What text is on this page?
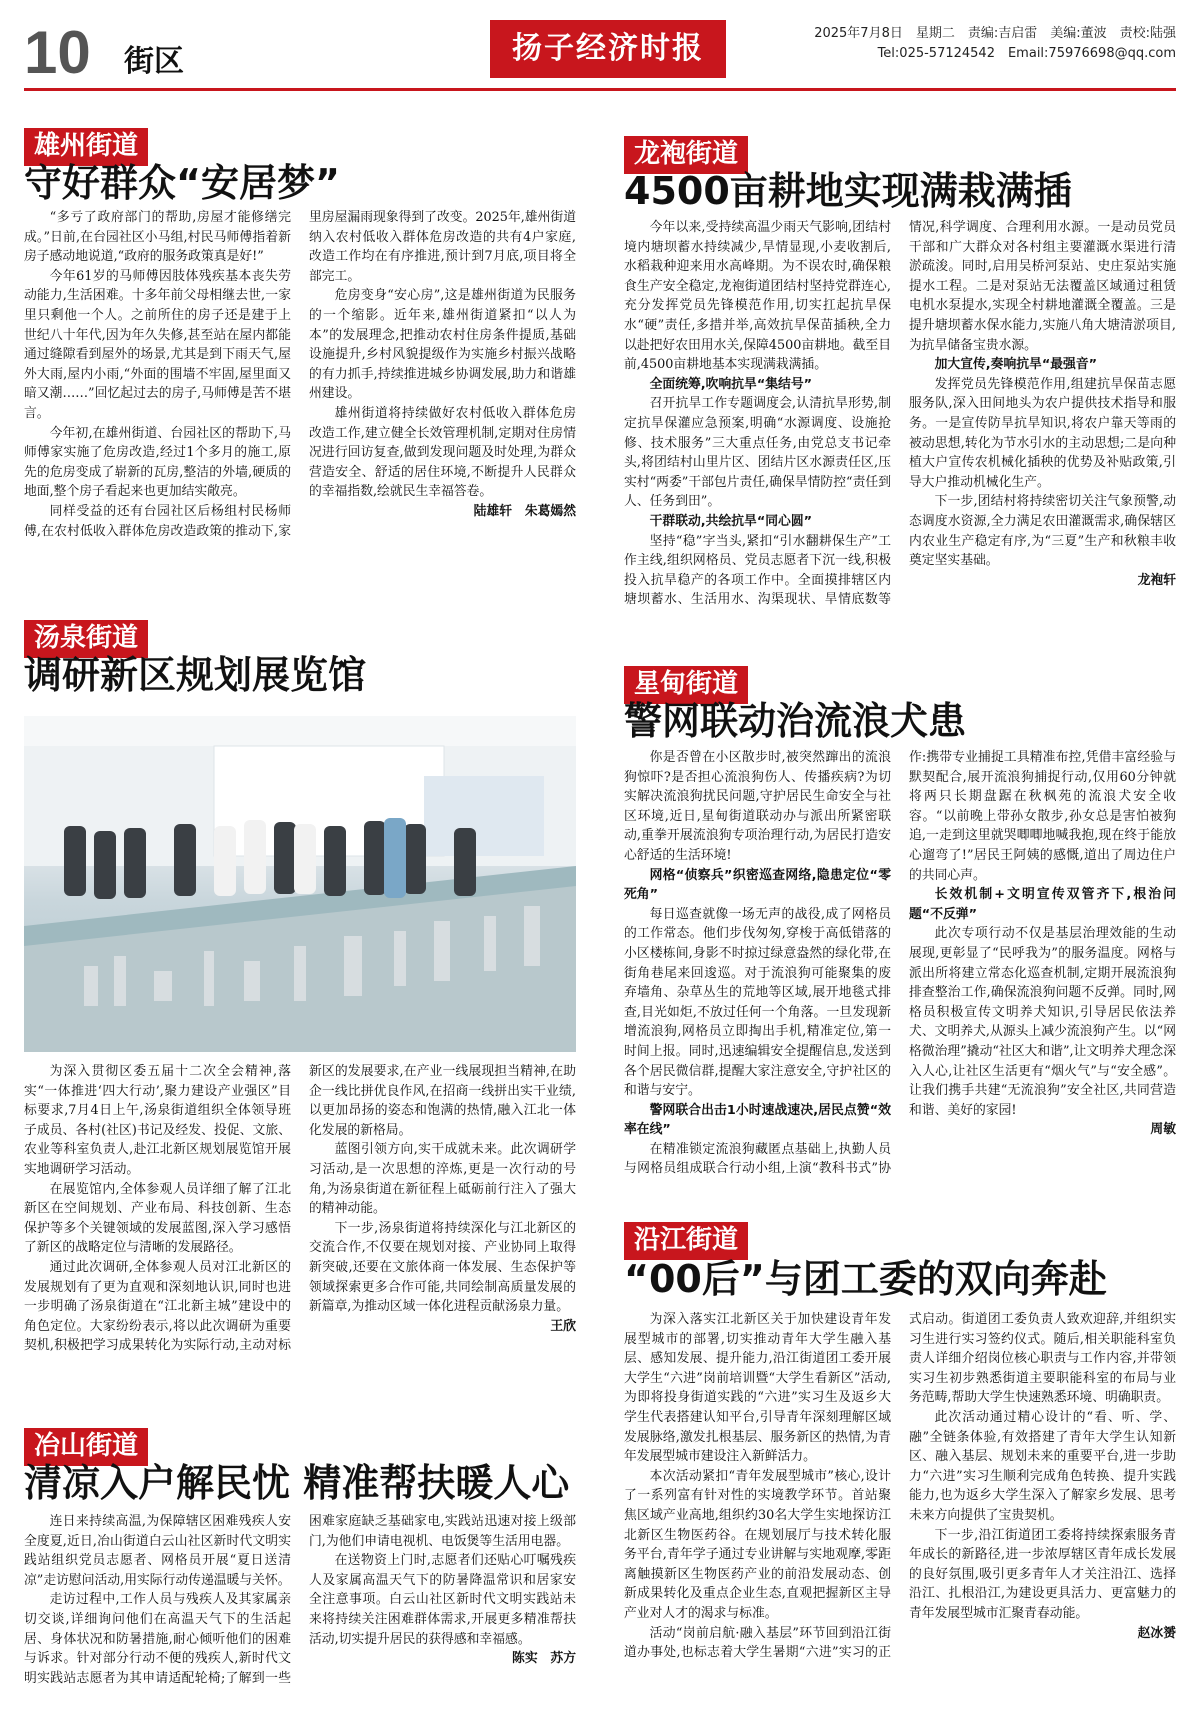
10 街区	扬子经济时报	2025年7月8日　星期二　责编:吉启雷　美编:董波　责校:陆强
Tel:025-57124542　Email:75976698@qq.com
雄州街道
守好群众“安居梦”

“多亏了政府部门的帮助,房屋才能修缮完成。”日前,在台园社区小马组,村民马师傅指着新房子感动地说道,“政府的服务政策真是好!”

今年61岁的马师傅因肢体残疾基本丧失劳动能力,生活困难。十多年前父母相继去世,一家里只剩他一个人。之前所住的房子还是建于上世纪八十年代,因为年久失修,甚至站在屋内都能通过缝隙看到屋外的场景,尤其是到下雨天气,屋外大雨,屋内小雨,“外面的围墙不牢固,屋里面又暗又潮……”回忆起过去的房子,马师傅是苦不堪言。

今年初,在雄州街道、台园社区的帮助下,马师傅家实施了危房改造,经过1个多月的施工,原先的危房变成了崭新的瓦房,整洁的外墙,硬质的地面,整个房子看起来也更加结实敞亮。

同样受益的还有台园社区后杨组村民杨师傅,在农村低收入群体危房改造政策的推动下,家里房屋漏雨现象得到了改变。2025年,雄州街道纳入农村低收入群体危房改造的共有4户家庭,改造工作均在有序推进,预计到7月底,项目将全部完工。

危房变身“安心房”,这是雄州街道为民服务的一个缩影。近年来,雄州街道紧扣“以人为本”的发展理念,把推动农村住房条件提质,基础设施提升,乡村风貌提级作为实施乡村振兴战略的有力抓手,持续推进城乡协调发展,助力和谐雄州建设。

雄州街道将持续做好农村低收入群体危房改造工作,建立健全长效管理机制,定期对住房情况进行回访复查,做到发现问题及时处理,为群众营造安全、舒适的居住环境,不断提升人民群众的幸福指数,绘就民生幸福答卷。

陆雄轩　朱葛嫣然

汤泉街道
调研新区规划展览馆

为深入贯彻区委五届十二次全会精神,落实“一体推进‘四大行动’,聚力建设产业强区”目标要求,7月4日上午,汤泉街道组织全体领导班子成员、各村(社区)书记及经发、投促、文旅、农业等科室负责人,赴江北新区规划展览馆开展实地调研学习活动。

在展览馆内,全体参观人员详细了解了江北新区在空间规划、产业布局、科技创新、生态保护等多个关键领域的发展蓝图,深入学习感悟了新区的战略定位与清晰的发展路径。

通过此次调研,全体参观人员对江北新区的发展规划有了更为直观和深刻地认识,同时也进一步明确了汤泉街道在“江北新主城”建设中的角色定位。大家纷纷表示,将以此次调研为重要契机,积极把学习成果转化为实际行动,主动对标新区的发展要求,在产业一线展现担当精神,在助企一线比拼优良作风,在招商一线拼出实干业绩,以更加昂扬的姿态和饱满的热情,融入江北一体化发展的新格局。

蓝图引领方向,实干成就未来。此次调研学习活动,是一次思想的淬炼,更是一次行动的号角,为汤泉街道在新征程上砥砺前行注入了强大的精神动能。

下一步,汤泉街道将持续深化与江北新区的交流合作,不仅要在规划对接、产业协同上取得新突破,还要在文旅体商一体发展、生态保护等领域探索更多合作可能,共同绘制高质量发展的新篇章,为推动区域一体化进程贡献汤泉力量。

王欣

冶山街道
清凉入户解民忧 精准帮扶暖人心

连日来持续高温,为保障辖区困难残疾人安全度夏,近日,冶山街道白云山社区新时代文明实践站组织党员志愿者、网格员开展“夏日送清凉”走访慰问活动,用实际行动传递温暖与关怀。

走访过程中,工作人员与残疾人及其家属亲切交谈,详细询问他们在高温天气下的生活起居、身体状况和防暑措施,耐心倾听他们的困难与诉求。针对部分行动不便的残疾人,新时代文明实践站志愿者为其申请适配轮椅;了解到一些困难家庭缺乏基础家电,实践站迅速对接上级部门,为他们申请电视机、电饭煲等生活用电器。

在送物资上门时,志愿者们还贴心叮嘱残疾人及家属高温天气下的防暑降温常识和居家安全注意事项。白云山社区新时代文明实践站未来将持续关注困难群体需求,开展更多精准帮扶活动,切实提升居民的获得感和幸福感。

陈实　苏方

龙袍街道
4500亩耕地实现满栽满插

今年以来,受持续高温少雨天气影响,团结村境内塘坝蓄水持续减少,旱情显现,小麦收割后,水稻栽种迎来用水高峰期。为不误农时,确保粮食生产安全稳定,龙袍街道团结村坚持党群连心,充分发挥党员先锋模范作用,切实扛起抗旱保水“硬”责任,多措并举,高效抗旱保苗插秧,全力以赴把好农田用水关,保障4500亩耕地。截至目前,4500亩耕地基本实现满栽满插。

全面统筹,吹响抗旱“集结号”

召开抗旱工作专题调度会,认清抗旱形势,制定抗旱保灌应急预案,明确“水源调度、设施抢修、技术服务”三大重点任务,由党总支书记牵头,将团结村山里片区、团结片区水源责任区,压实村“两委”干部包片责任,确保旱情防控“责任到人、任务到田”。

干群联动,共绘抗旱“同心圆”

坚持“稳”字当头,紧扣“引水翻耕保生产”工作主线,组织网格员、党员志愿者下沉一线,积极投入抗旱稳产的各项工作中。全面摸排辖区内塘坝蓄水、生活用水、沟渠现状、旱情底数等情况,科学调度、合理利用水源。一是动员党员干部和广大群众对各村组主要灌溉水渠进行清淤疏浚。同时,启用吴桥河泵站、史庄泵站实施提水工程。二是对泵站无法覆盖区域通过租赁电机水泵提水,实现全村耕地灌溉全覆盖。三是提升塘坝蓄水保水能力,实施八角大塘清淤项目,为抗旱储备宝贵水源。

加大宣传,奏响抗旱“最强音”

发挥党员先锋模范作用,组建抗旱保苗志愿服务队,深入田间地头为农户提供技术指导和服务。一是宣传防旱抗旱知识,将农户靠天等雨的被动思想,转化为节水引水的主动思想;二是向种植大户宣传农机械化插秧的优势及补贴政策,引导大户推动机械化生产。

下一步,团结村将持续密切关注气象预警,动态调度水资源,全力满足农田灌溉需求,确保辖区内农业生产稳定有序,为“三夏”生产和秋粮丰收奠定坚实基础。

龙袍轩

星甸街道
警网联动治流浪犬患

你是否曾在小区散步时,被突然蹿出的流浪狗惊吓?是否担心流浪狗伤人、传播疾病?为切实解决流浪狗扰民问题,守护居民生命安全与社区环境,近日,星甸街道联动办与派出所紧密联动,重拳开展流浪狗专项治理行动,为居民打造安心舒适的生活环境!

网格“侦察兵”织密巡查网络,隐患定位“零死角”

每日巡查就像一场无声的战役,成了网格员的工作常态。他们步伐匆匆,穿梭于高低错落的小区楼栋间,身影不时掠过绿意盎然的绿化带,在街角巷尾来回逡巡。对于流浪狗可能聚集的废弃墙角、杂草丛生的荒地等区域,展开地毯式排查,目光如炬,不放过任何一个角落。一旦发现新增流浪狗,网格员立即掏出手机,精准定位,第一时间上报。同时,迅速编辑安全提醒信息,发送到各个居民微信群,提醒大家注意安全,守护社区的和谐与安宁。

警网联合出击1小时速战速决,居民点赞“效率在线”

在精准锁定流浪狗藏匿点基础上,执勤人员与网格员组成联合行动小组,上演“教科书式”协作:携带专业捕捉工具精准布控,凭借丰富经验与默契配合,展开流浪狗捕捉行动,仅用60分钟就将两只长期盘踞在秋枫苑的流浪犬安全收容。“以前晚上带孙女散步,孙女总是害怕被狗追,一走到这里就哭唧唧地喊我抱,现在终于能放心遛弯了!”居民王阿姨的感慨,道出了周边住户的共同心声。

长效机制+文明宣传双管齐下,根治问题“不反弹”

此次专项行动不仅是基层治理效能的生动展现,更彰显了“民呼我为”的服务温度。网格与派出所将建立常态化巡查机制,定期开展流浪狗排查整治工作,确保流浪狗问题不反弹。同时,网格员积极宣传文明养犬知识,引导居民依法养犬、文明养犬,从源头上减少流浪狗产生。以“网格微治理”撬动“社区大和谐”,让文明养犬理念深入人心,让社区生活更有“烟火气”与“安全感”。让我们携手共建“无流浪狗”安全社区,共同营造和谐、美好的家园!

周敏

沿江街道
“00后”与团工委的双向奔赴

为深入落实江北新区关于加快建设青年发展型城市的部署,切实推动青年大学生融入基层、感知发展、提升能力,沿江街道团工委开展大学生“六进”岗前培训暨“大学生看新区”活动,为即将投身街道实践的“六进”实习生及返乡大学生代表搭建认知平台,引导青年深刻理解区域发展脉络,激发扎根基层、服务新区的热情,为青年发展型城市建设注入新鲜活力。

本次活动紧扣“青年发展型城市”核心,设计了一系列富有针对性的实境教学环节。首站聚焦区域产业高地,组织约30名大学生实地探访江北新区生物医药谷。在规划展厅与技术转化服务平台,青年学子通过专业讲解与实地观摩,零距离触摸新区生物医药产业的前沿发展动态、创新成果转化及重点企业生态,直观把握新区主导产业对人才的渴求与标准。

活动“岗前启航·融入基层”环节回到沿江街道办事处,也标志着大学生暑期“六进”实习的正式启动。街道团工委负责人致欢迎辞,并组织实习生进行实习签约仪式。随后,相关职能科室负责人详细介绍岗位核心职责与工作内容,并带领实习生初步熟悉街道主要职能科室的布局与业务范畴,帮助大学生快速熟悉环境、明确职责。

此次活动通过精心设计的“看、听、学、融”全链条体验,有效搭建了青年大学生认知新区、融入基层、规划未来的重要平台,进一步助力“六进”实习生顺利完成角色转换、提升实践能力,也为返乡大学生深入了解家乡发展、思考未来方向提供了宝贵契机。

下一步,沿江街道团工委将持续探索服务青年成长的新路径,进一步浓厚辖区青年成长发展的良好氛围,吸引更多青年人才关注沿江、选择沿江、扎根沿江,为建设更具活力、更富魅力的青年发展型城市汇聚青春动能。

赵冰赟
